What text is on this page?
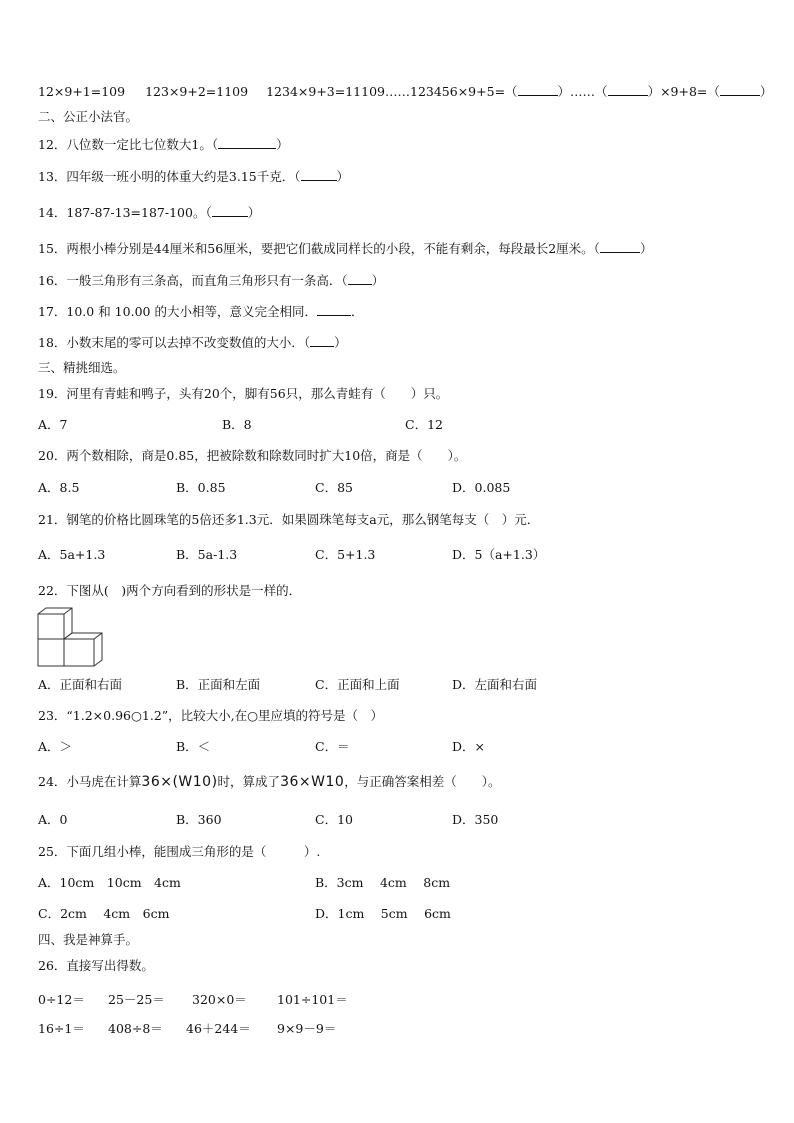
12×9+1=109 123×9+2=1109 1234×9+3=11109……123456×9+5=（	）……（	）×9+8=（	）
二、公正小法官。
12．八位数一定比七位数大1。（	）
13．四年级一班小明的体重大约是3.15千克．（	）
14．187-87-13=187-100。（	）
15．两根小棒分别是44厘米和56厘米，要把它们截成同样长的小段，不能有剩余，每段最长2厘米。（	）
16．一般三角形有三条高，而直角三角形只有一条高．（ ）
17．10.0 和 10.00 的大小相等，意义完全相同．	．
18．小数末尾的零可以去掉不改变数值的大小．（ ）
三、精挑细选。
19．河里有青蛙和鸭子，头有20个，脚有56只，那么青蛙有（　　）只。
A．7	B．8	C．12
20．两个数相除，商是0.85，把被除数和除数同时扩大10倍，商是（　　）。
A．8.5	B．0.85	C．85	D．0.085
21．钢笔的价格比圆珠笔的5倍还多1.3元．如果圆珠笔每支a元，那么钢笔每支（　）元．
A．5a+1.3	B．5a-1.3	C．5+1.3	D．5（a+1.3）
22．下图从(　)两个方向看到的形状是一样的．
A．正面和右面	B．正面和左面	C．正面和上面	D．左面和右面
23．“1.2×0.96○1.2”，比较大小,在○里应填的符号是（　）
A．＞	B．＜	C．＝	D．×
24．小马虎在计算36×(W10)时，算成了36×W10，与正确答案相差（　　）。
A．0	B．360	C．10	D．350
25．下面几组小棒，能围成三角形的是（　　　）.
A．10cm　10cm　4cm	B．3cm　 4cm　 8cm
C．2cm　 4cm　6cm	D．1cm　 5cm　 6cm
四、我是神算手。
26．直接写出得数。
0÷12＝ 25－25＝ 320×0＝ 101÷101＝
16÷1＝ 408÷8＝ 46＋244＝ 9×9－9＝
